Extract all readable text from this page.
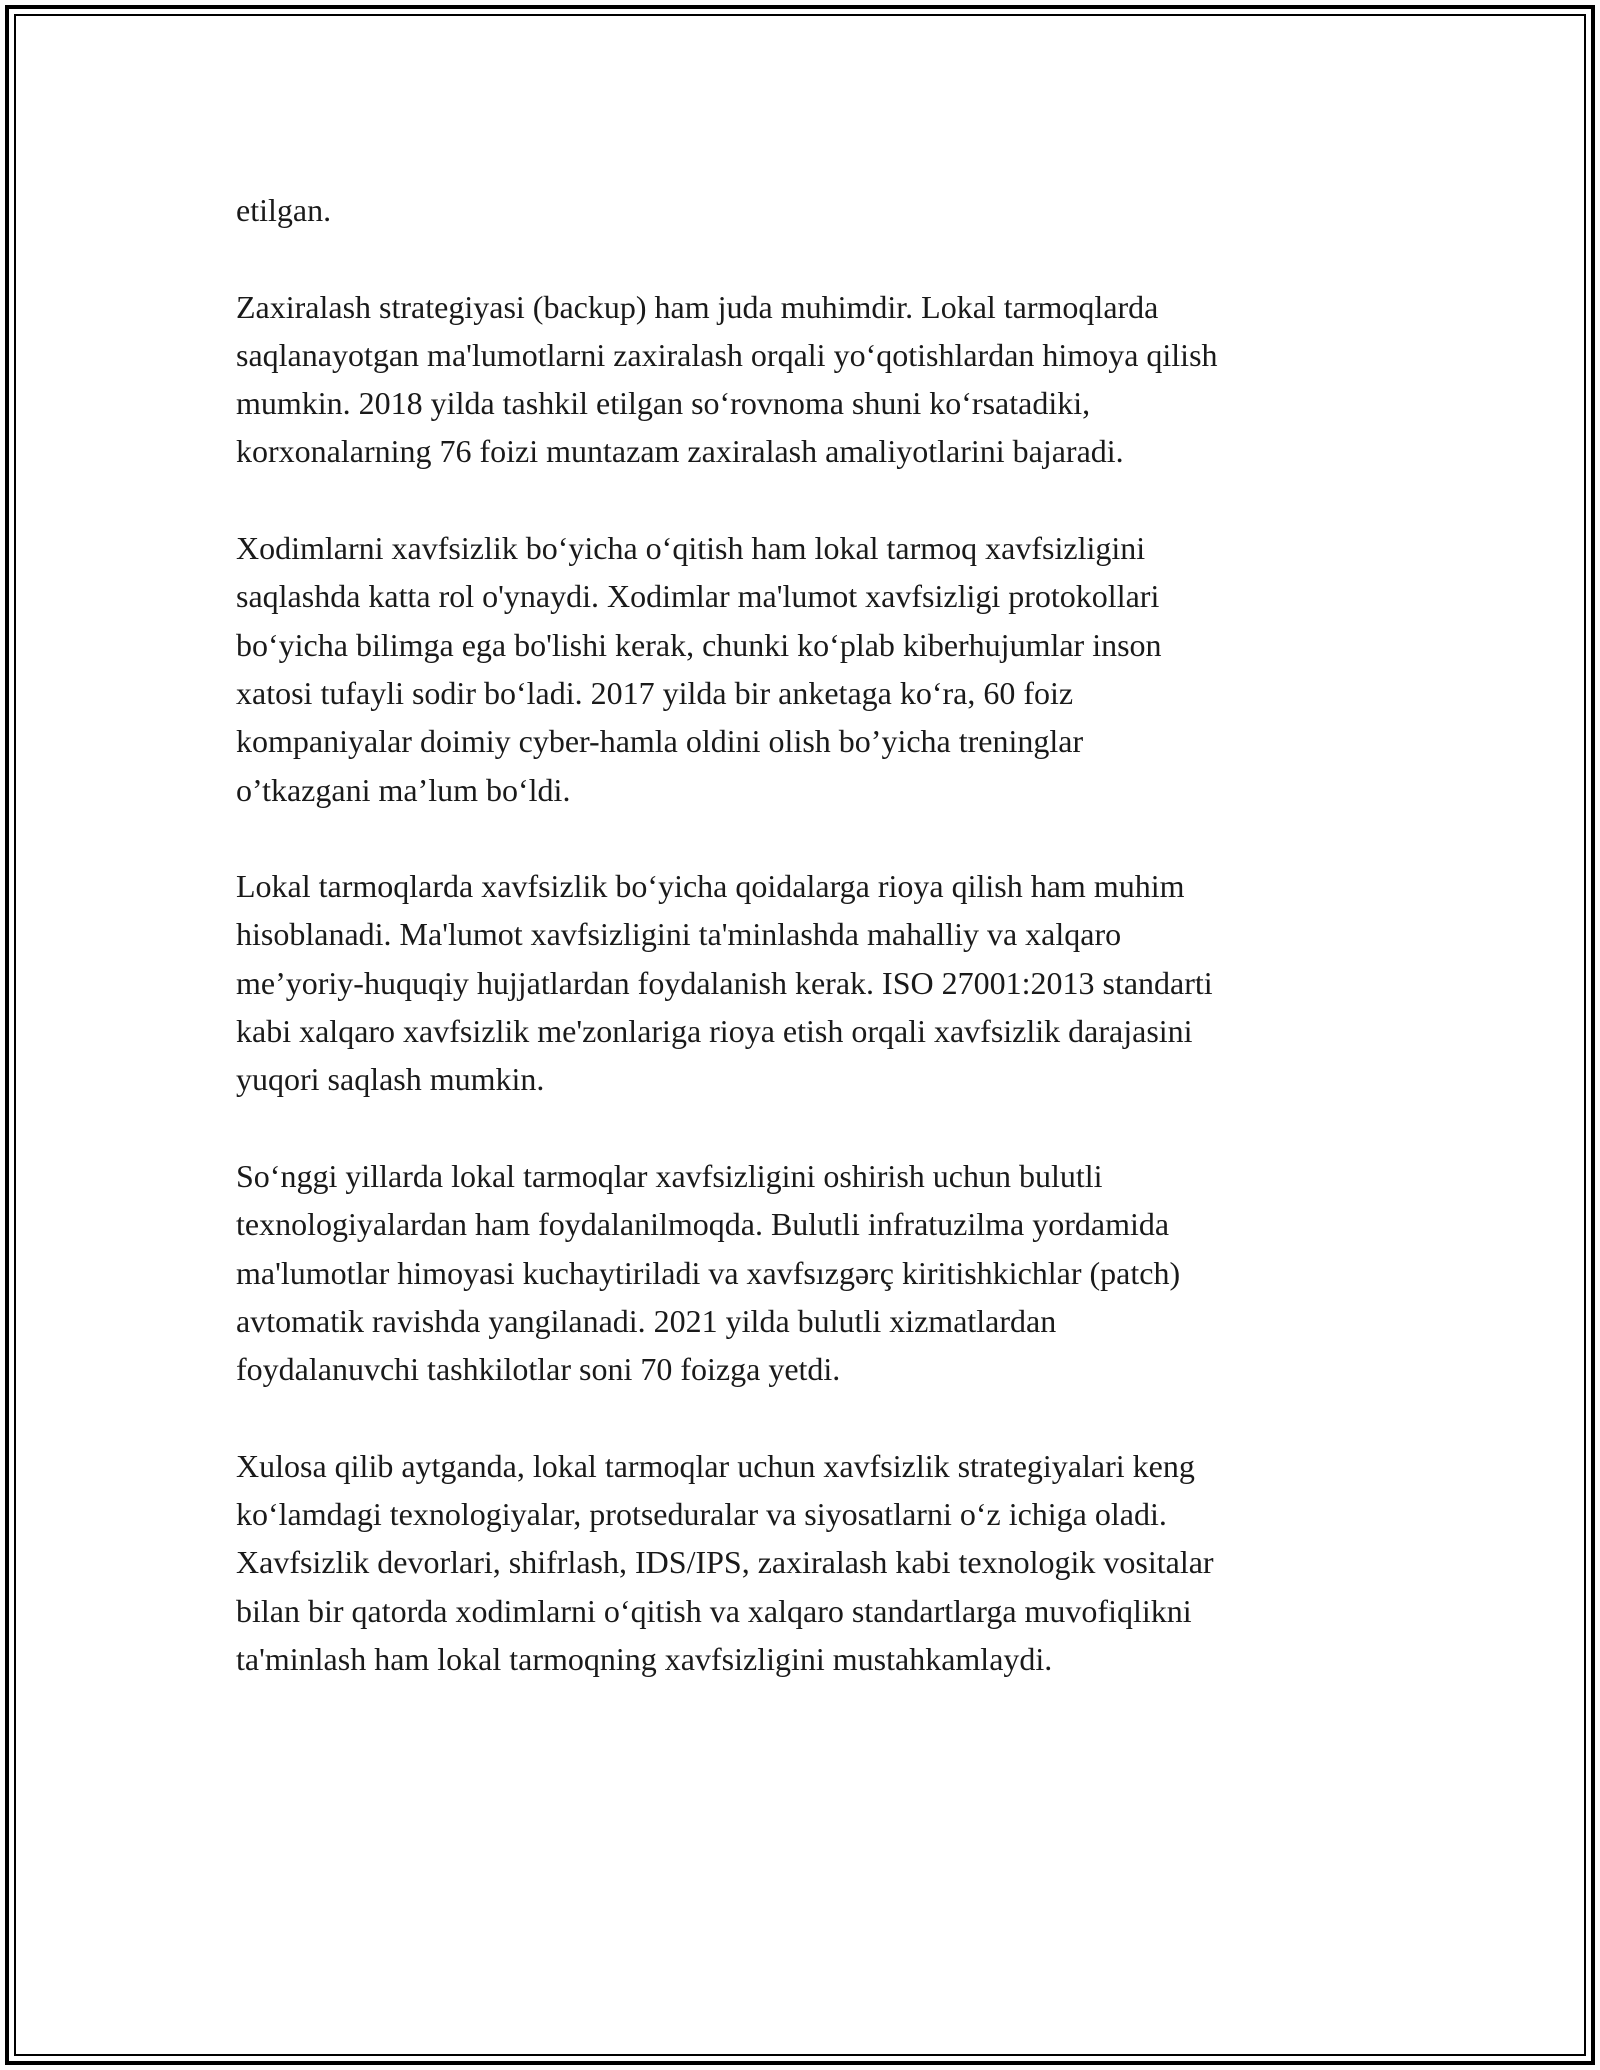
etilgan.

Zaxiralash strategiyasi (backup) ham juda muhimdir. Lokal tarmoqlarda
saqlanayotgan ma'lumotlarni zaxiralash orqali yoʻqotishlardan himoya qilish
mumkin. 2018 yilda tashkil etilgan soʻrovnoma shuni koʻrsatadiki,
korxonalarning 76 foizi muntazam zaxiralash amaliyotlarini bajaradi.

Xodimlarni xavfsizlik boʻyicha oʻqitish ham lokal tarmoq xavfsizligini
saqlashda katta rol o'ynaydi. Xodimlar ma'lumot xavfsizligi protokollari
boʻyicha bilimga ega bo'lishi kerak, chunki koʻplab kiberhujumlar inson
xatosi tufayli sodir boʻladi. 2017 yilda bir anketaga koʻra, 60 foiz
kompaniyalar doimiy cyber-hamla oldini olish bo’yicha treninglar
o’tkazgani ma’lum boʻldi.

Lokal tarmoqlarda xavfsizlik boʻyicha qoidalarga rioya qilish ham muhim
hisoblanadi. Ma'lumot xavfsizligini ta'minlashda mahalliy va xalqaro
me’yoriy-huquqiy hujjatlardan foydalanish kerak. ISO 27001:2013 standarti
kabi xalqaro xavfsizlik me'zonlariga rioya etish orqali xavfsizlik darajasini
yuqori saqlash mumkin.

Soʻnggi yillarda lokal tarmoqlar xavfsizligini oshirish uchun bulutli
texnologiyalardan ham foydalanilmoqda. Bulutli infratuzilma yordamida
ma'lumotlar himoyasi kuchaytiriladi va xavfsızgərç kiritishkichlar (patch)
avtomatik ravishda yangilanadi. 2021 yilda bulutli xizmatlardan
foydalanuvchi tashkilotlar soni 70 foizga yetdi.

Xulosa qilib aytganda, lokal tarmoqlar uchun xavfsizlik strategiyalari keng
koʻlamdagi texnologiyalar, protseduralar va siyosatlarni oʻz ichiga oladi.
Xavfsizlik devorlari, shifrlash, IDS/IPS, zaxiralash kabi texnologik vositalar
bilan bir qatorda xodimlarni oʻqitish va xalqaro standartlarga muvofiqlikni
ta'minlash ham lokal tarmoqning xavfsizligini mustahkamlaydi.
